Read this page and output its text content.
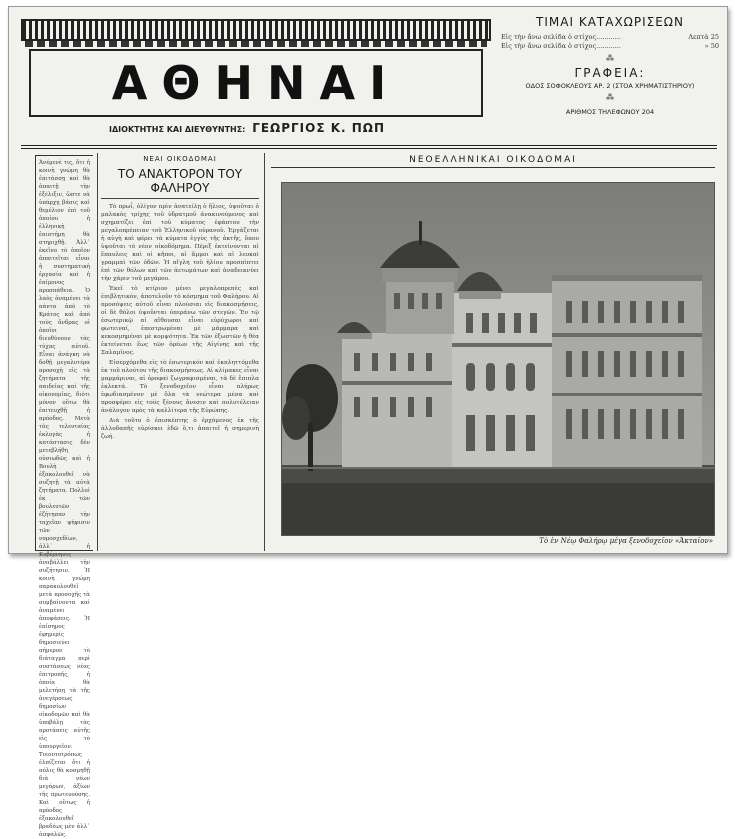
ΑΘΗΝΑΙ
ΙΔΙΟΚΤΗΤΗΣ ΚΑΙ ΔΙΕΥΘΥΝΤΗΣ: ΓΕΩΡΓΙΟΣ Κ. ΠΩΠ
ΤΙΜΑΙ ΚΑΤΑΧΩΡΙΣΕΩΝ
Εἰς τὴν ἄνω σελίδα ὁ στίχος............	Λεπτὰ 25
Εἰς τὴν ἄνω σελίδα ὁ στίχος............	» 50
⁂
ΓΡΑΦΕΙΑ:
ΟΔΟΣ ΣΟΦΟΚΛΕΟΥΣ ΑΡ. 2 (ΣΤΟΑ ΧΡΗΜΑΤΙΣΤΗΡΙΟΥ)
⁂
ΑΡΙΘΜΟΣ ΤΗΛΕΦΩΝΟΥ 204
Ἀνέμενέ τις, ὅτι ἡ κοινὴ γνώμη θὰ ἐπιτάσσῃ καὶ θὰ ἀπαιτῇ τὴν ἐξέλιξιν, ὥστε νὰ ὑπάρχῃ βάσις καὶ θεμέλιον ἐπὶ τοῦ ὁποίου ἡ ἑλληνικὴ ἐπιστήμη θὰ στηριχθῇ. Ἀλλ᾽ ἐκεῖνο τὸ ὁποῖον ἀπαιτεῖται εἶναι ἡ συστηματικὴ ἐργασία καὶ ἡ ἐπίμονος προσπάθεια. Ὁ λαὸς ἀναμένει τὰ πάντα ἀπὸ τὸ Κράτος καὶ ἀπὸ τοὺς ἄνδρας οἱ ὁποῖοι διευθύνουν τὰς τύχας αὐτοῦ. Εἶναι ἀνάγκη νὰ δοθῇ μεγαλυτέρα προσοχὴ εἰς τὰ ζητήματα τῆς παιδείας καὶ τῆς οἰκονομίας, διότι μόνον οὕτω θὰ ἐπιτευχθῇ ἡ πρόοδος. Μετὰ τὰς τελευταίας ἐκλογὰς ἡ κατάστασις δὲν μετεβλήθη οὐσιωδῶς καὶ ἡ Βουλὴ ἐξακολουθεῖ νὰ συζητῇ τὰ αὐτὰ ζητήματα. Πολλοὶ ἐκ τῶν βουλευτῶν ἐζήτησαν τὴν ταχεῖαν ψήφισιν τῶν νομοσχεδίων, ἀλλ᾽ ἡ Κυβέρνησις ἀναβάλλει τὴν συζήτησιν. Ἡ κοινὴ γνώμη παρακολουθεῖ μετὰ προσοχῆς τὰ συμβαίνοντα καὶ ἀναμένει ἀποφάσεις. Ἡ ἐπίσημος ἐφημερὶς δημοσιεύει σήμερον τὸ διάταγμα περὶ συστάσεως νέας ἐπιτροπῆς, ἡ ὁποία θὰ μελετήσῃ τὰ τῆς ἀνεγέρσεως δημοσίων οἰκοδομῶν καὶ θὰ ὑποβάλῃ τὰς προτάσεις αὐτῆς εἰς τὸ ὑπουργεῖον. Τοιουτοτρόπως ἐλπίζεται ὅτι ἡ πόλις θὰ κοσμηθῇ διὰ νέων μεγάρων, ἀξίων τῆς πρωτευούσης. Καὶ οὕτως ἡ πρόοδος ἐξακολουθεῖ βραδέως μὲν ἀλλ᾽ ἀσφαλῶς.
ΝΕΑΙ ΟΙΚΟΔΟΜΑΙ
ΤΟ ΑΝΑΚΤΟΡΟΝ ΤΟΥ ΦΑΛΗΡΟΥ

Τὸ πρωΐ, ὀλίγον πρὶν ἀνατείλῃ ὁ ἥλιος, ὑψοῦται ὁ μαλακὸς τρίχης τοῦ ὑδρατμοῦ ἀνακινούμενος καὶ σχηματίζει ἐπὶ τοῦ κύματος ἐφάπτου τὴν μεγαλοπρέπειαν τοῦ Ἑλληνικοῦ οὐρανοῦ. Ἐργάζεται ἡ αὐγὴ καὶ φέρει τὰ κύματα ἐγγὺς τῆς ἀκτῆς, ὅπου ὑψοῦται τὸ νέον οἰκοδόμημα. Πέριξ ἐκτείνονται αἱ ἔπαυλεις καὶ οἱ κῆποι, αἱ ἄμμοι καὶ αἱ λευκαὶ γραμμαὶ τῶν ὁδῶν. Ἡ αἴγλη τοῦ ἡλίου προσπίπτει ἐπὶ τῶν θόλων καὶ τῶν ἀετωμάτων καὶ ἀναδεικνύει τὴν χάριν τοῦ μεγάρου.

Ἐκεῖ τὸ κτίριον μένει μεγαλοπρεπὲς καὶ ἐπιβλητικόν, ἀποτελοῦν τὸ κόσμημα τοῦ Φαλήρου. Αἱ προσόψεις αὐτοῦ εἶναι πλούσιαι εἰς διακοσμήσεις, οἱ δὲ θόλοι ὑψοῦνται ὑπεράνω τῶν στεγῶν. Ἐν τῷ ἐσωτερικῷ αἱ αἴθουσαι εἶναι εὐρύχωροι καὶ φωτειναί, ἐπεστρωμέναι μὲ μάρμαρα καὶ κεκοσμημέναι μὲ κομψότητα. Ἐκ τῶν ἐξωστῶν ἡ θέα ἐκτείνεται ἕως τῶν ὀρέων τῆς Αἰγίνης καὶ τῆς Σαλαμῖνος.

Εἰσερχόμεθα εἰς τὸ ἐσωτερικόν καὶ ἐκπληττόμεθα ἐκ τοῦ πλούτου τῆς διακοσμήσεως. Αἱ κλίμακες εἶναι μαρμάριναι, αἱ ὀροφαὶ ζωγραφισμέναι, τὰ δὲ ἔπιπλα ἐκλεκτά. Τὸ ξενοδοχεῖον εἶναι πλήρως ἐφωδιασμένον μὲ ὅλα τὰ νεώτερα μέσα καὶ προσφέρει εἰς τοὺς ξένους ἄνεσιν καὶ πολυτέλειαν ἀνάλογον πρὸς τὰ καλλίτερα τῆς Εὐρώπης.

Διὰ τοῦτο ὁ ἐπισκέπτης ὁ ἐρχόμενος ἐκ τῆς ἀλλοδαπῆς εὑρίσκει ἐδῶ ὅ,τι ἀπαιτεῖ ἡ σημερινὴ ζωή.

ΝΕΟΕΛΛΗΝΙΚΑΙ ΟΙΚΟΔΟΜΑΙ
Τὸ ἐν Νέῳ Φαλήρῳ μέγα ξενοδοχεῖον «Ἀκταῖον»
